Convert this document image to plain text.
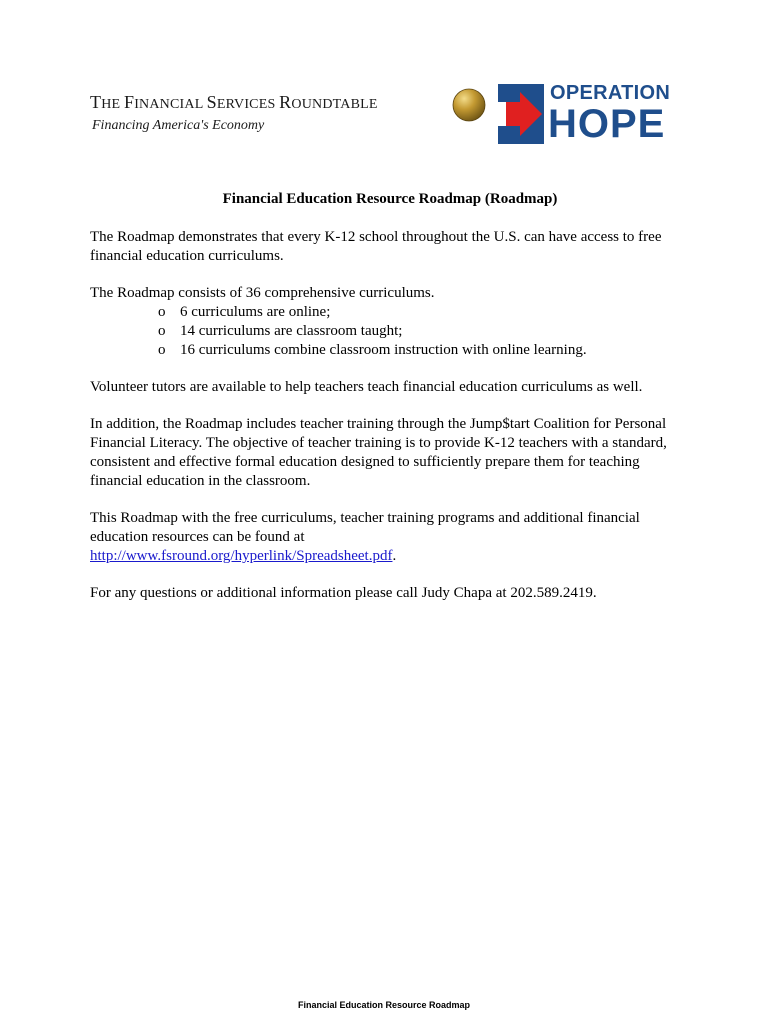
THE FINANCIAL SERVICES ROUNDTABLE
Financing America's Economy
OPERATION
HOPE
Financial Education Resource Roadmap (Roadmap)

The Roadmap demonstrates that every K-12 school throughout the U.S. can have access to free financial education curriculums.

The Roadmap consists of 36 comprehensive curriculums.
o 6 curriculums are online;
o 14 curriculums are classroom taught;
o 16 curriculums combine classroom instruction with online learning.

Volunteer tutors are available to help teachers teach financial education curriculums as well.

In addition, the Roadmap includes teacher training through the Jump$tart Coalition for Personal Financial Literacy. The objective of teacher training is to provide K-12 teachers with a standard, consistent and effective formal education designed to sufficiently prepare them for teaching financial education in the classroom.

This Roadmap with the free curriculums, teacher training programs and additional financial education resources can be found at
http://www.fsround.org/hyperlink/Spreadsheet.pdf.

For any questions or additional information please call Judy Chapa at 202.589.2419.

Financial Education Resource Roadmap
